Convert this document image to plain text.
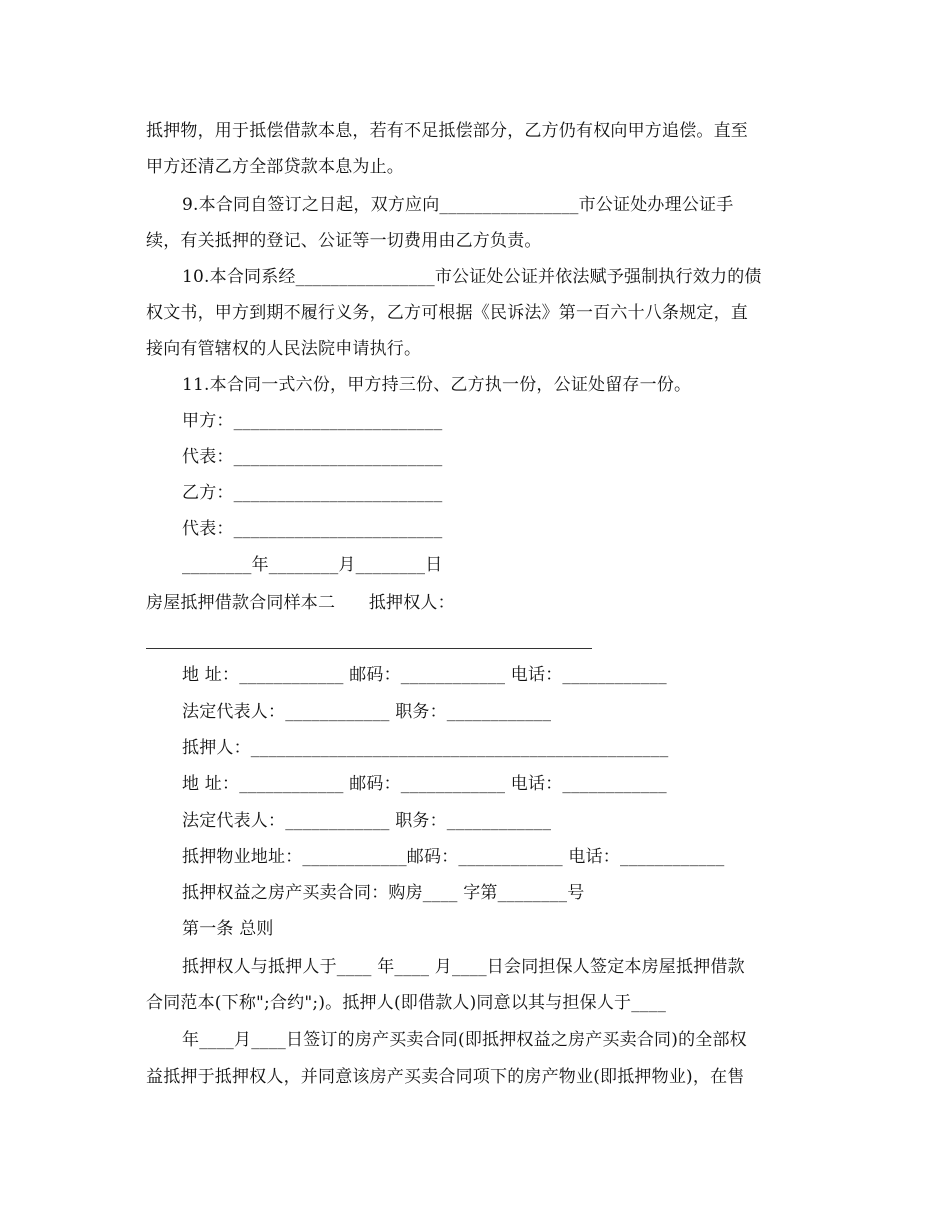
抵押物，用于抵偿借款本息，若有不足抵偿部分，乙方仍有权向甲方追偿。直至
甲方还清乙方全部贷款本息为止。
9.本合同自签订之日起，双方应向________________市公证处办理公证手
续，有关抵押的登记、公证等一切费用由乙方负责。
10.本合同系经________________市公证处公证并依法赋予强制执行效力的债
权文书，甲方到期不履行义务，乙方可根据《民诉法》第一百六十八条规定，直
接向有管辖权的人民法院申请执行。
11.本合同一式六份，甲方持三份、乙方执一份，公证处留存一份。
甲方：________________________
代表：________________________
乙方：________________________
代表：________________________
________年________月________日
房屋抵押借款合同样本二      抵押权人：
地 址：____________ 邮码：____________ 电话：____________
法定代表人：____________ 职务：____________
抵押人：________________________________________________
地 址：____________ 邮码：____________ 电话：____________
法定代表人：____________ 职务：____________
抵押物业地址：____________邮码：____________ 电话：____________
抵押权益之房产买卖合同：购房____ 字第________号
第一条 总则
抵押权人与抵押人于____ 年____ 月____日会同担保人签定本房屋抵押借款
合同范本(下称";合约";)。抵押人(即借款人)同意以其与担保人于____
年____月____日签订的房产买卖合同(即抵押权益之房产买卖合同)的全部权
益抵押于抵押权人，并同意该房产买卖合同项下的房产物业(即抵押物业)，在售
